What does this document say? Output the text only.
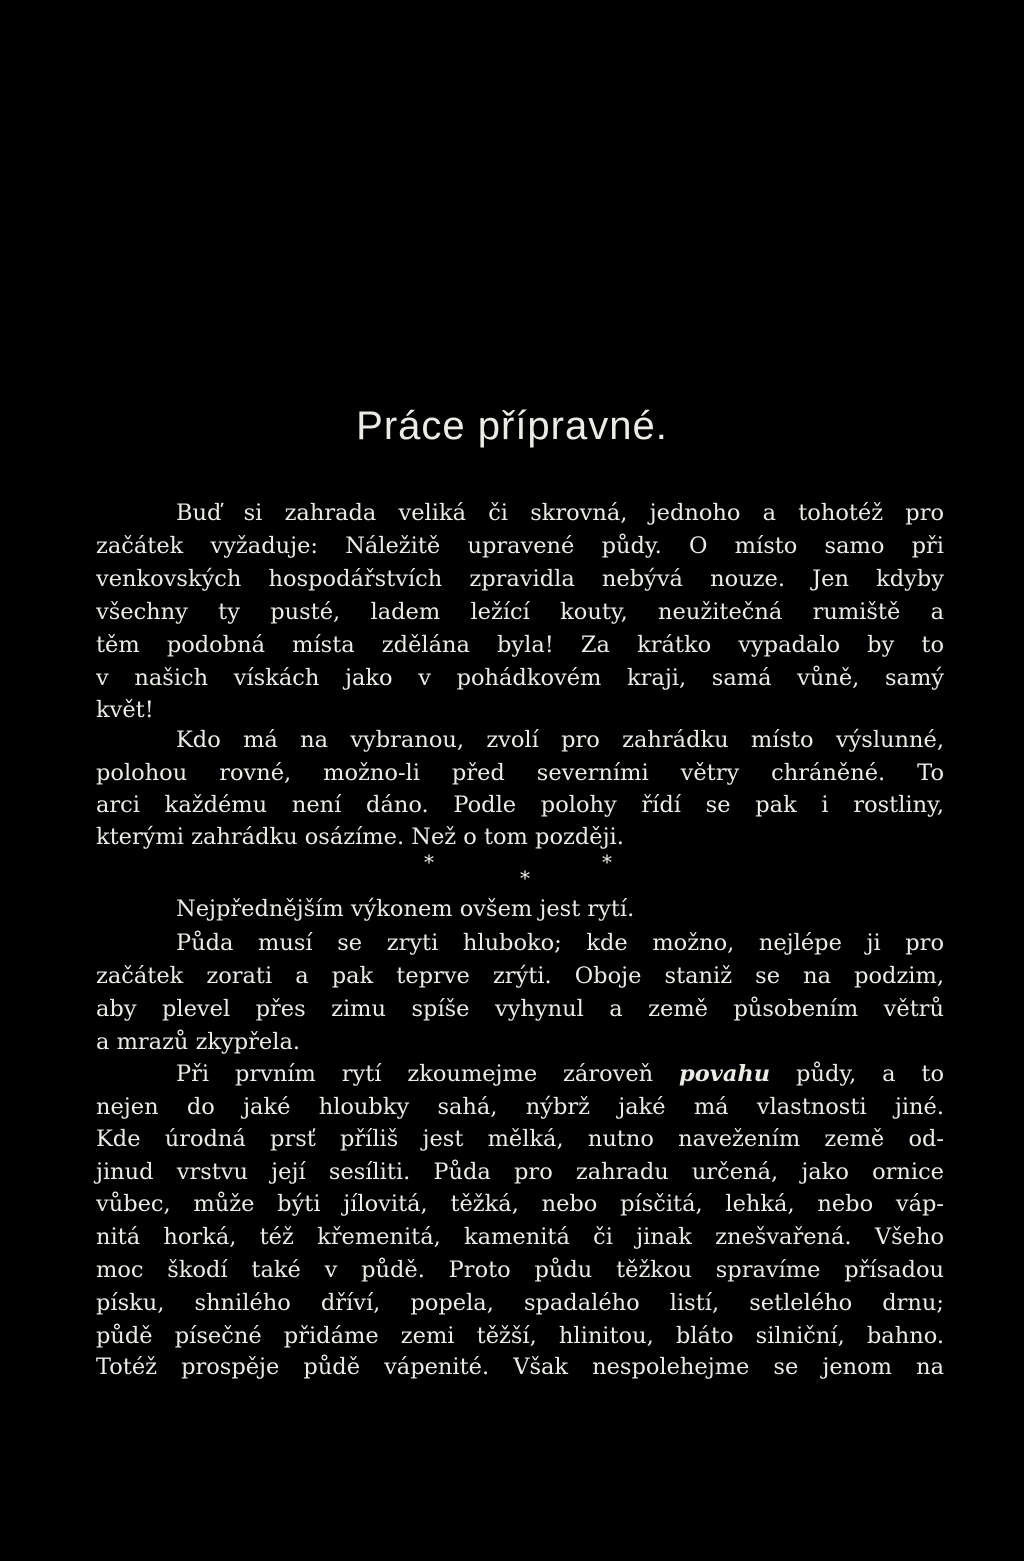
Práce přípravné.
Buď si zahrada veliká či skrovná, jednoho a tohotéž pro
začátek vyžaduje: Náležitě upravené půdy. O místo samo při
venkovských hospodářstvích zpravidla nebývá nouze. Jen kdyby
všechny ty pusté, ladem ležící kouty, neužitečná rumiště a
těm podobná místa zdělána byla! Za krátko vypadalo by to
v našich vískách jako v pohádkovém kraji, samá vůně, samý
květ!
Kdo má na vybranou, zvolí pro zahrádku místo výslunné,
polohou rovné, možno-li před severními větry chráněné. To
arci každému není dáno. Podle polohy řídí se pak i rostliny,
kterými zahrádku osázíme. Než o tom později.
*
*
*
Nejpřednějším výkonem ovšem jest rytí.
Půda musí se zryti hluboko; kde možno, nejlépe ji pro
začátek zorati a pak teprve zrýti. Oboje staniž se na podzim,
aby plevel přes zimu spíše vyhynul a země působením větrů
a mrazů zkypřela.
Při prvním rytí zkoumejme zároveň povahu půdy, a to
nejen do jaké hloubky sahá, nýbrž jaké má vlastnosti jiné.
Kde úrodná prsť příliš jest mělká, nutno navežením země od-
jinud vrstvu její sesíliti. Půda pro zahradu určená, jako ornice
vůbec, může býti jílovitá, těžká, nebo písčitá, lehká, nebo váp-
nitá horká, též křemenitá, kamenitá či jinak znešvařená. Všeho
moc škodí také v půdě. Proto půdu těžkou spravíme přísadou
písku, shnilého dříví, popela, spadalého listí, setlelého drnu;
půdě písečné přidáme zemi těžší, hlinitou, bláto silniční, bahno.
Totéž prospěje půdě vápenité. Však nespolehejme se jenom na
